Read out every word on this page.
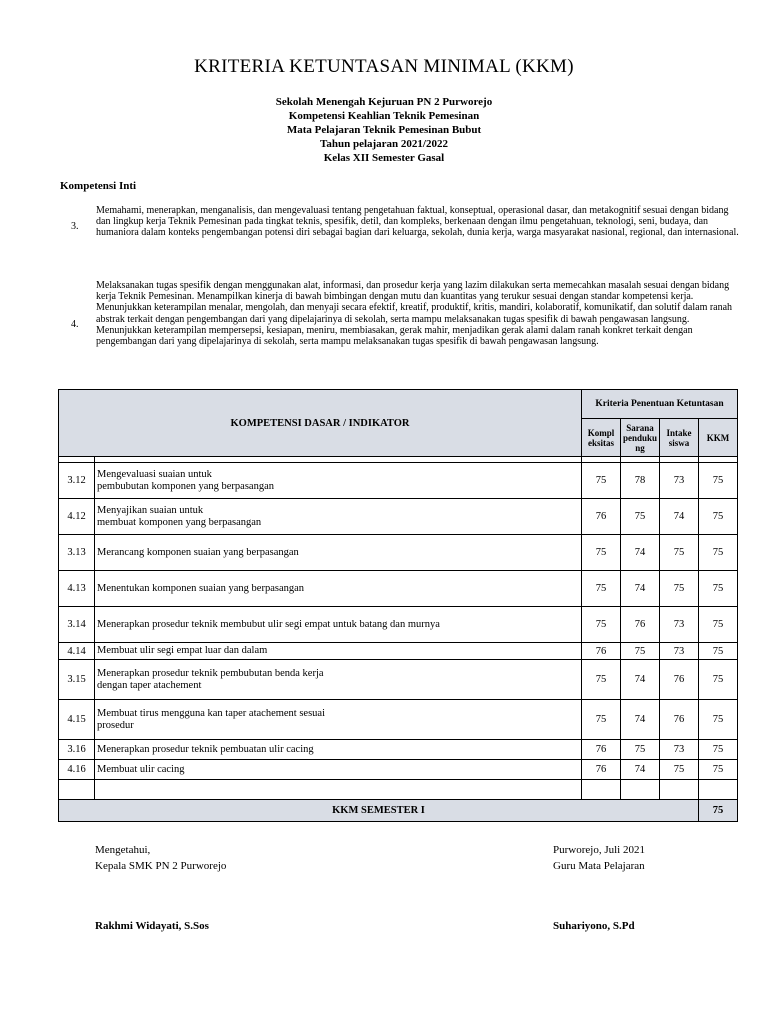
KRITERIA KETUNTASAN MINIMAL (KKM)
Sekolah Menengah Kejuruan PN 2 Purworejo
Kompetensi Keahlian Teknik Pemesinan
Mata Pelajaran Teknik Pemesinan Bubut
Tahun pelajaran 2021/2022
Kelas XII Semester Gasal
Kompetensi Inti
3.
Memahami, menerapkan, menganalisis, dan mengevaluasi tentang pengetahuan faktual, konseptual, operasional dasar, dan metakognitif sesuai dengan bidang dan lingkup kerja Teknik Pemesinan pada tingkat teknis, spesifik, detil, dan kompleks, berkenaan dengan ilmu pengetahuan, teknologi, seni, budaya, dan humaniora dalam konteks pengembangan potensi diri sebagai bagian dari keluarga, sekolah, dunia kerja, warga masyarakat nasional, regional, dan internasional.
4.
Melaksanakan tugas spesifik dengan menggunakan alat, informasi, dan prosedur kerja yang lazim dilakukan serta memecahkan masalah sesuai dengan bidang kerja Teknik Pemesinan. Menampilkan kinerja di bawah bimbingan dengan mutu dan kuantitas yang terukur sesuai dengan standar kompetensi kerja. Menunjukkan keterampilan menalar, mengolah, dan menyaji secara efektif, kreatif, produktif, kritis, mandiri, kolaboratif, komunikatif, dan solutif dalam ranah abstrak terkait dengan pengembangan dari yang dipelajarinya di sekolah, serta mampu melaksanakan tugas spesifik di bawah pengawasan langsung. Menunjukkan keterampilan mempersepsi, kesiapan, meniru, membiasakan, gerak mahir, menjadikan gerak alami dalam ranah konkret terkait dengan pengembangan dari yang dipelajarinya di sekolah, serta mampu melaksanakan tugas spesifik di bawah pengawasan langsung.
KOMPETENSI DASAR / INDIKATOR		Kriteria Penentuan Ketuntasan			
		Kompl eksitas	Sarana penduku ng	Intake siswa	KKM

3.12	Mengevaluasi suaian untuk
pembubutan komponen yang berpasangan	75	78	73	75
4.12	Menyajikan suaian untuk
membuat komponen yang berpasangan	76	75	74	75
3.13	Merancang komponen suaian yang berpasangan	75	74	75	75
4.13	Menentukan komponen suaian yang berpasangan	75	74	75	75
3.14	Menerapkan prosedur teknik membubut ulir segi empat untuk batang dan murnya	75	76	73	75
4.14	Membuat ulir segi empat luar dan dalam	76	75	73	75
3.15	Menerapkan prosedur teknik pembubutan benda kerja
dengan taper atachement	75	74	76	75
4.15	Membuat tirus mengguna kan taper atachement sesuai
prosedur	75	74	76	75
3.16	Menerapkan prosedur teknik pembuatan ulir cacing	76	75	73	75
4.16	Membuat ulir cacing	76	74	75	75

KKM SEMESTER I					75
Mengetahui,
Kepala SMK PN 2 Purworejo
Rakhmi Widayati, S.Sos
Purworejo, Juli 2021
Guru Mata Pelajaran
Suhariyono, S.Pd
